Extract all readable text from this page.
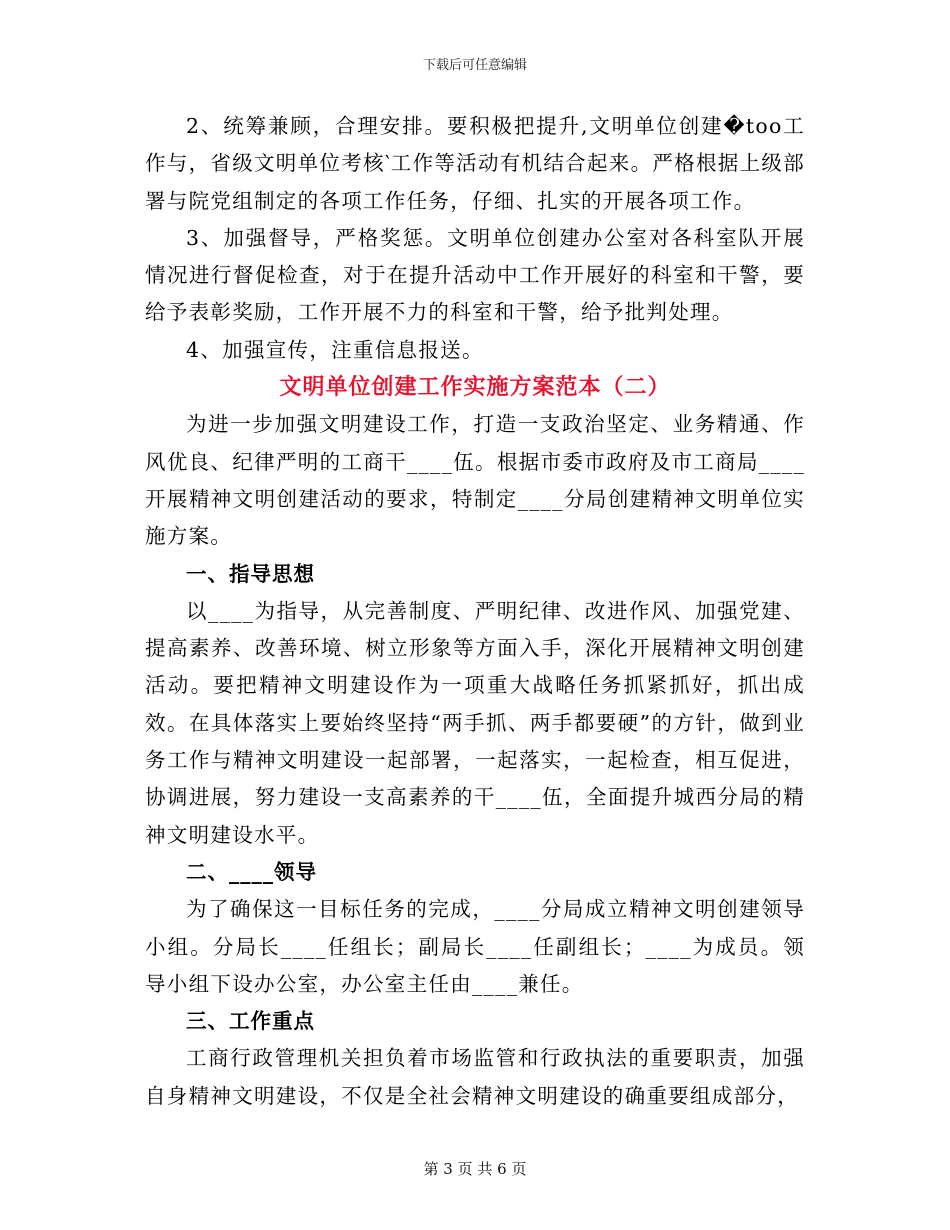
下载后可任意编辑

2、统筹兼顾，合理安排。要积极把提升,文明单位创建�too工作与，省级文明单位考核‵工作等活动有机结合起来。严格根据上级部署与院党组制定的各项工作任务，仔细、扎实的开展各项工作。

3、加强督导，严格奖惩。文明单位创建办公室对各科室队开展情况进行督促检查，对于在提升活动中工作开展好的科室和干警，要给予表彰奖励，工作开展不力的科室和干警，给予批判处理。

4、加强宣传，注重信息报送。

文明单位创建工作实施方案范本（二）

为进一步加强文明建设工作，打造一支政治坚定、业务精通、作风优良、纪律严明的工商干____伍。根据市委市政府及市工商局____开展精神文明创建活动的要求，特制定____分局创建精神文明单位实施方案。

一、指导思想

以____为指导，从完善制度、严明纪律、改进作风、加强党建、提高素养、改善环境、树立形象等方面入手，深化开展精神文明创建活动。要把精神文明建设作为一项重大战略任务抓紧抓好，抓出成效。在具体落实上要始终坚持“两手抓、两手都要硬”的方针，做到业务工作与精神文明建设一起部署，一起落实，一起检查，相互促进，协调进展，努力建设一支高素养的干____伍，全面提升城西分局的精神文明建设水平。

二、____领导

为了确保这一目标任务的完成，____分局成立精神文明创建领导小组。分局长____任组长；副局长____任副组长；____为成员。领导小组下设办公室，办公室主任由____兼任。

三、工作重点

工商行政管理机关担负着市场监管和行政执法的重要职责，加强自身精神文明建设，不仅是全社会精神文明建设的确重要组成部分，

第 3 页 共 6 页
